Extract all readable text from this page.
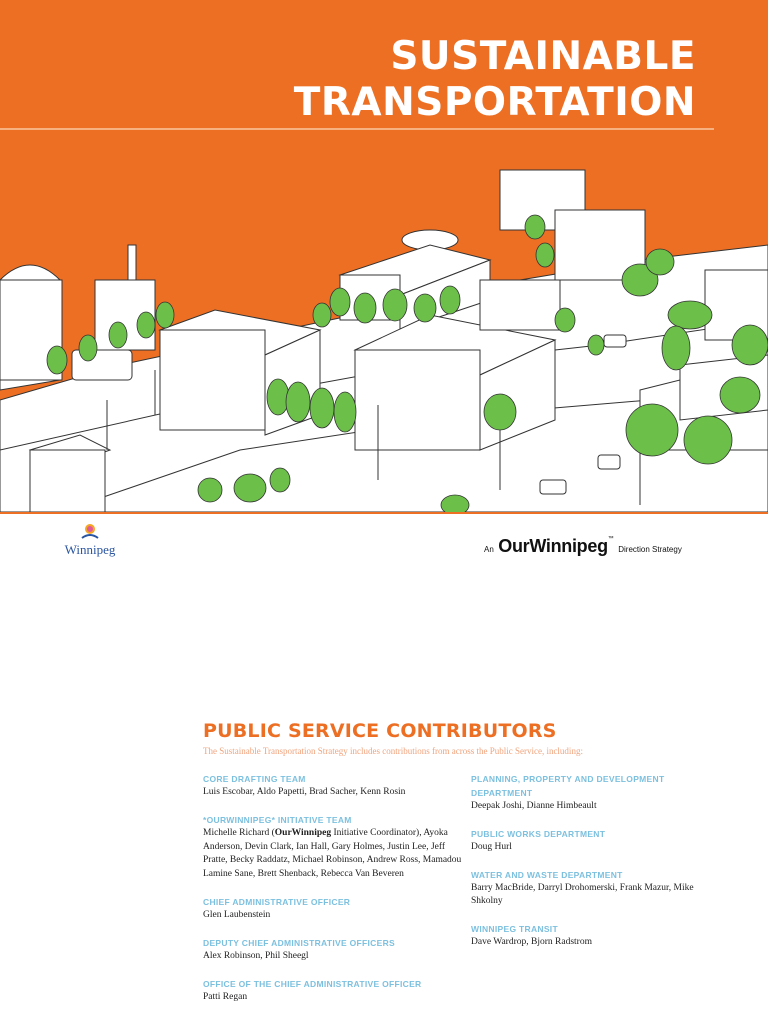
SUSTAINABLE
TRANSPORTATION
Winnipeg	An OurWinnipeg™ Direction Strategy
PUBLIC SERVICE CONTRIBUTORS
The Sustainable Transportation Strategy includes contributions from across the Public Service, including:
CORE DRAFTING TEAM
Luis Escobar, Aldo Papetti, Brad Sacher, Kenn Rosin
*OURWINNIPEG* INITIATIVE TEAM
Michelle Richard (OurWinnipeg Initiative Coordinator), Ayoka Anderson, Devin Clark, Ian Hall, Gary Holmes, Justin Lee, Jeff Pratte, Becky Raddatz, Michael Robinson, Andrew Ross, Mamadou Lamine Sane, Brett Shenback, Rebecca Van Beveren
CHIEF ADMINISTRATIVE OFFICER
Glen Laubenstein
DEPUTY CHIEF ADMINISTRATIVE OFFICERS
Alex Robinson, Phil Sheegl
OFFICE OF THE CHIEF ADMINISTRATIVE OFFICER
Patti Regan
PLANNING, PROPERTY AND DEVELOPMENT DEPARTMENT
Deepak Joshi, Dianne Himbeault
PUBLIC WORKS DEPARTMENT
Doug Hurl
WATER AND WASTE DEPARTMENT
Barry MacBride, Darryl Drohomerski, Frank Mazur, Mike Shkolny
WINNIPEG TRANSIT
Dave Wardrop, Bjorn Radstrom
